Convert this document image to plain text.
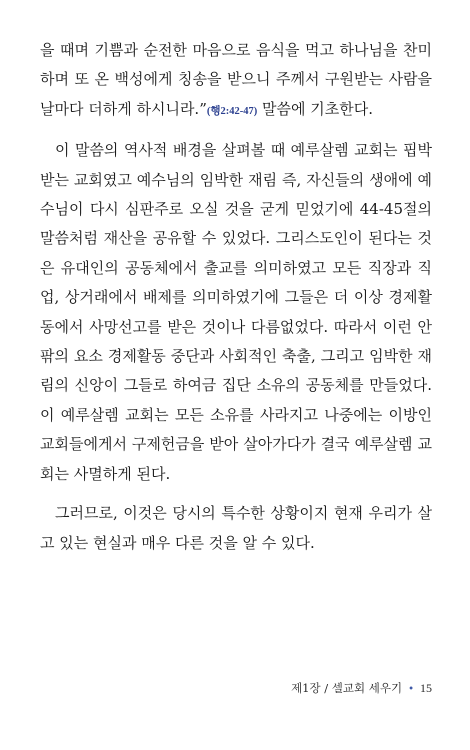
을 때며 기쁨과 순전한 마음으로 음식을 먹고 하나님을 찬미하며 또 온 백성에게 칭송을 받으니 주께서 구원받는 사람을 날마다 더하게 하시니라.”(행2:42-47) 말씀에 기초한다.

이 말씀의 역사적 배경을 살펴볼 때 예루살렘 교회는 핍박받는 교회였고 예수님의 임박한 재림 즉, 자신들의 생애에 예수님이 다시 심판주로 오실 것을 굳게 믿었기에 44-45절의 말씀처럼 재산을 공유할 수 있었다. 그리스도인이 된다는 것은 유대인의 공동체에서 출교를 의미하였고 모든 직장과 직업, 상거래에서 배제를 의미하였기에 그들은 더 이상 경제활동에서 사망선고를 받은 것이나 다름없었다. 따라서 이런 안팎의 요소 경제활동 중단과 사회적인 축출, 그리고 임박한 재림의 신앙이 그들로 하여금 집단 소유의 공동체를 만들었다. 이 예루살렘 교회는 모든 소유를 사라지고 나중에는 이방인 교회들에게서 구제헌금을 받아 살아가다가 결국 예루살렘 교회는 사멸하게 된다.

그러므로, 이것은 당시의 특수한 상황이지 현재 우리가 살고 있는 현실과 매우 다른 것을 알 수 있다.

제1장 / 셀교회 세우기 • 15
